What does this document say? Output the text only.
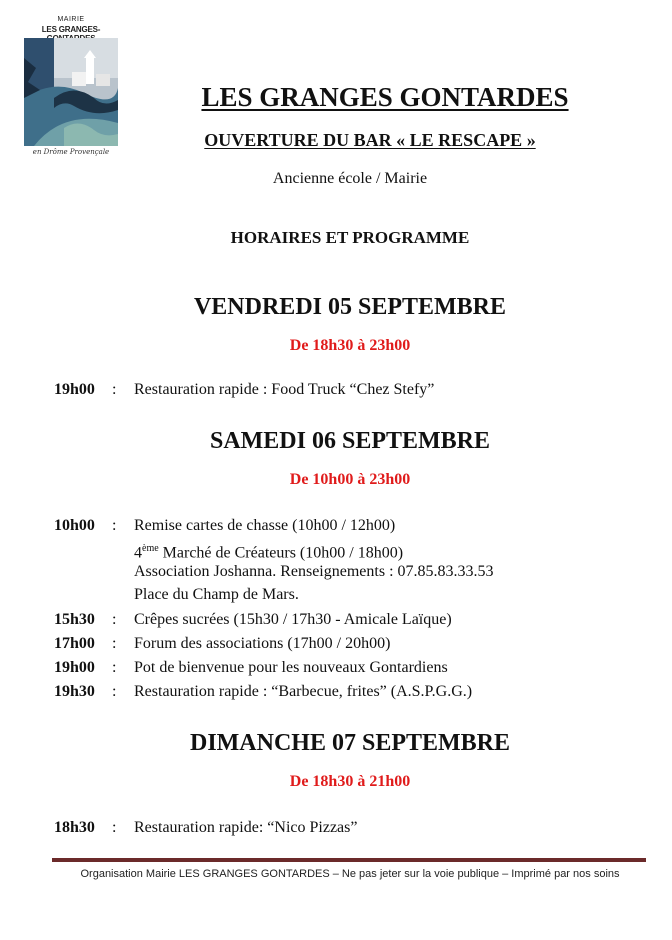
MAIRIE
LES GRANGES-
en Drôme Provençale
LES GRANGES GONTARDES
OUVERTURE DU BAR « LE RESCAPE »
Ancienne école / Mairie
HORAIRES ET PROGRAMME
VENDREDI 05 SEPTEMBRE
De 18h30 à 23h00
19h00 : Restauration rapide : Food Truck “Chez Stefy”
SAMEDI 06 SEPTEMBRE
De 10h00 à 23h00
10h00 : Remise cartes de chasse (10h00 / 12h00)
4ème Marché de Créateurs (10h00 / 18h00)
Association Joshanna. Renseignements : 07.85.83.33.53
Place du Champ de Mars.
15h30 : Crêpes sucrées (15h30 / 17h30 - Amicale Laïque)
17h00 : Forum des associations (17h00 / 20h00)
19h00 : Pot de bienvenue pour les nouveaux Gontardiens
19h30 : Restauration rapide : “Barbecue, frites” (A.S.P.G.G.)
DIMANCHE 07 SEPTEMBRE
De 18h30 à 21h00
18h30 : Restauration rapide: “Nico Pizzas”
Organisation Mairie LES GRANGES GONTARDES – Ne pas jeter sur la voie publique – Imprimé par nos soins
